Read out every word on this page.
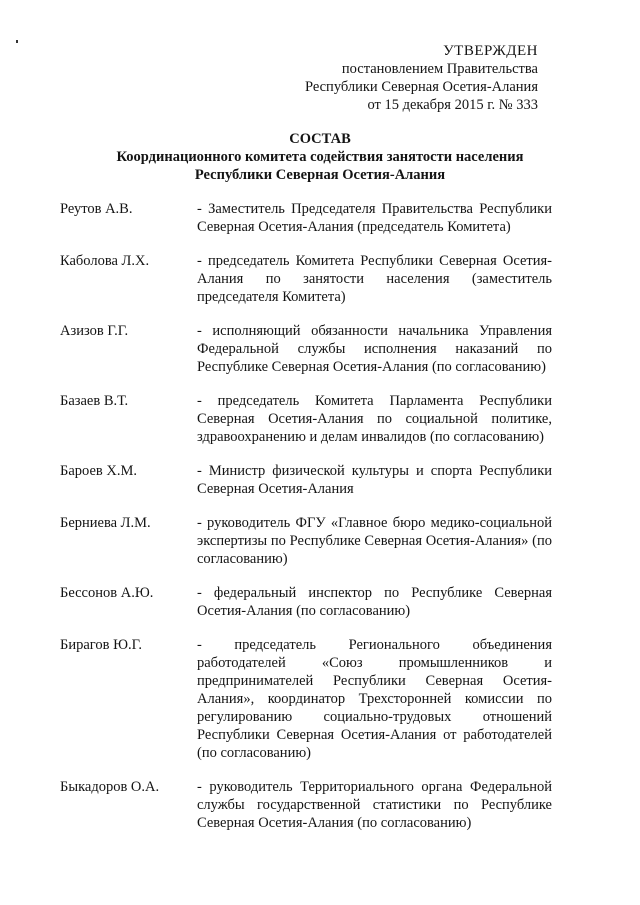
УТВЕРЖДЕН
постановлением Правительства
Республики Северная Осетия-Алания
от 15 декабря 2015 г. № 333
СОСТАВ
Координационного комитета содействия занятости населения
Республики Северная Осетия-Алания
Реутов А.В.	- Заместитель Председателя Правительства Республики Северная Осетия-Алания (председатель Комитета)
Каболова Л.Х.	- председатель Комитета Республики Северная Осетия-Алания по занятости населения (заместитель председателя Комитета)
Азизов Г.Г.	- исполняющий обязанности начальника Управления Федеральной службы исполнения наказаний по Республике Северная Осетия-Алания (по согласованию)
Базаев В.Т.	- председатель Комитета Парламента Республики Северная Осетия-Алания по социальной политике, здравоохранению и делам инвалидов (по согласованию)
Бароев Х.М.	- Министр физической культуры и спорта Республики Северная Осетия-Алания
Берниева Л.М.	- руководитель ФГУ «Главное бюро медико-социальной экспертизы по Республике Северная Осетия-Алания» (по согласованию)
Бессонов А.Ю.	- федеральный инспектор по Республике Северная Осетия-Алания (по согласованию)
Бирагов Ю.Г.	- председатель Регионального объединения работодателей «Союз промышленников и предпринимателей Республики Северная Осетия-Алания», координатор Трехсторонней комиссии по регулированию социально-трудовых отношений Республики Северная Осетия-Алания от работодателей (по согласованию)
Быкадоров О.А.	- руководитель Территориального органа Федеральной службы государственной статистики по Республике Северная Осетия-Алания (по согласованию)
